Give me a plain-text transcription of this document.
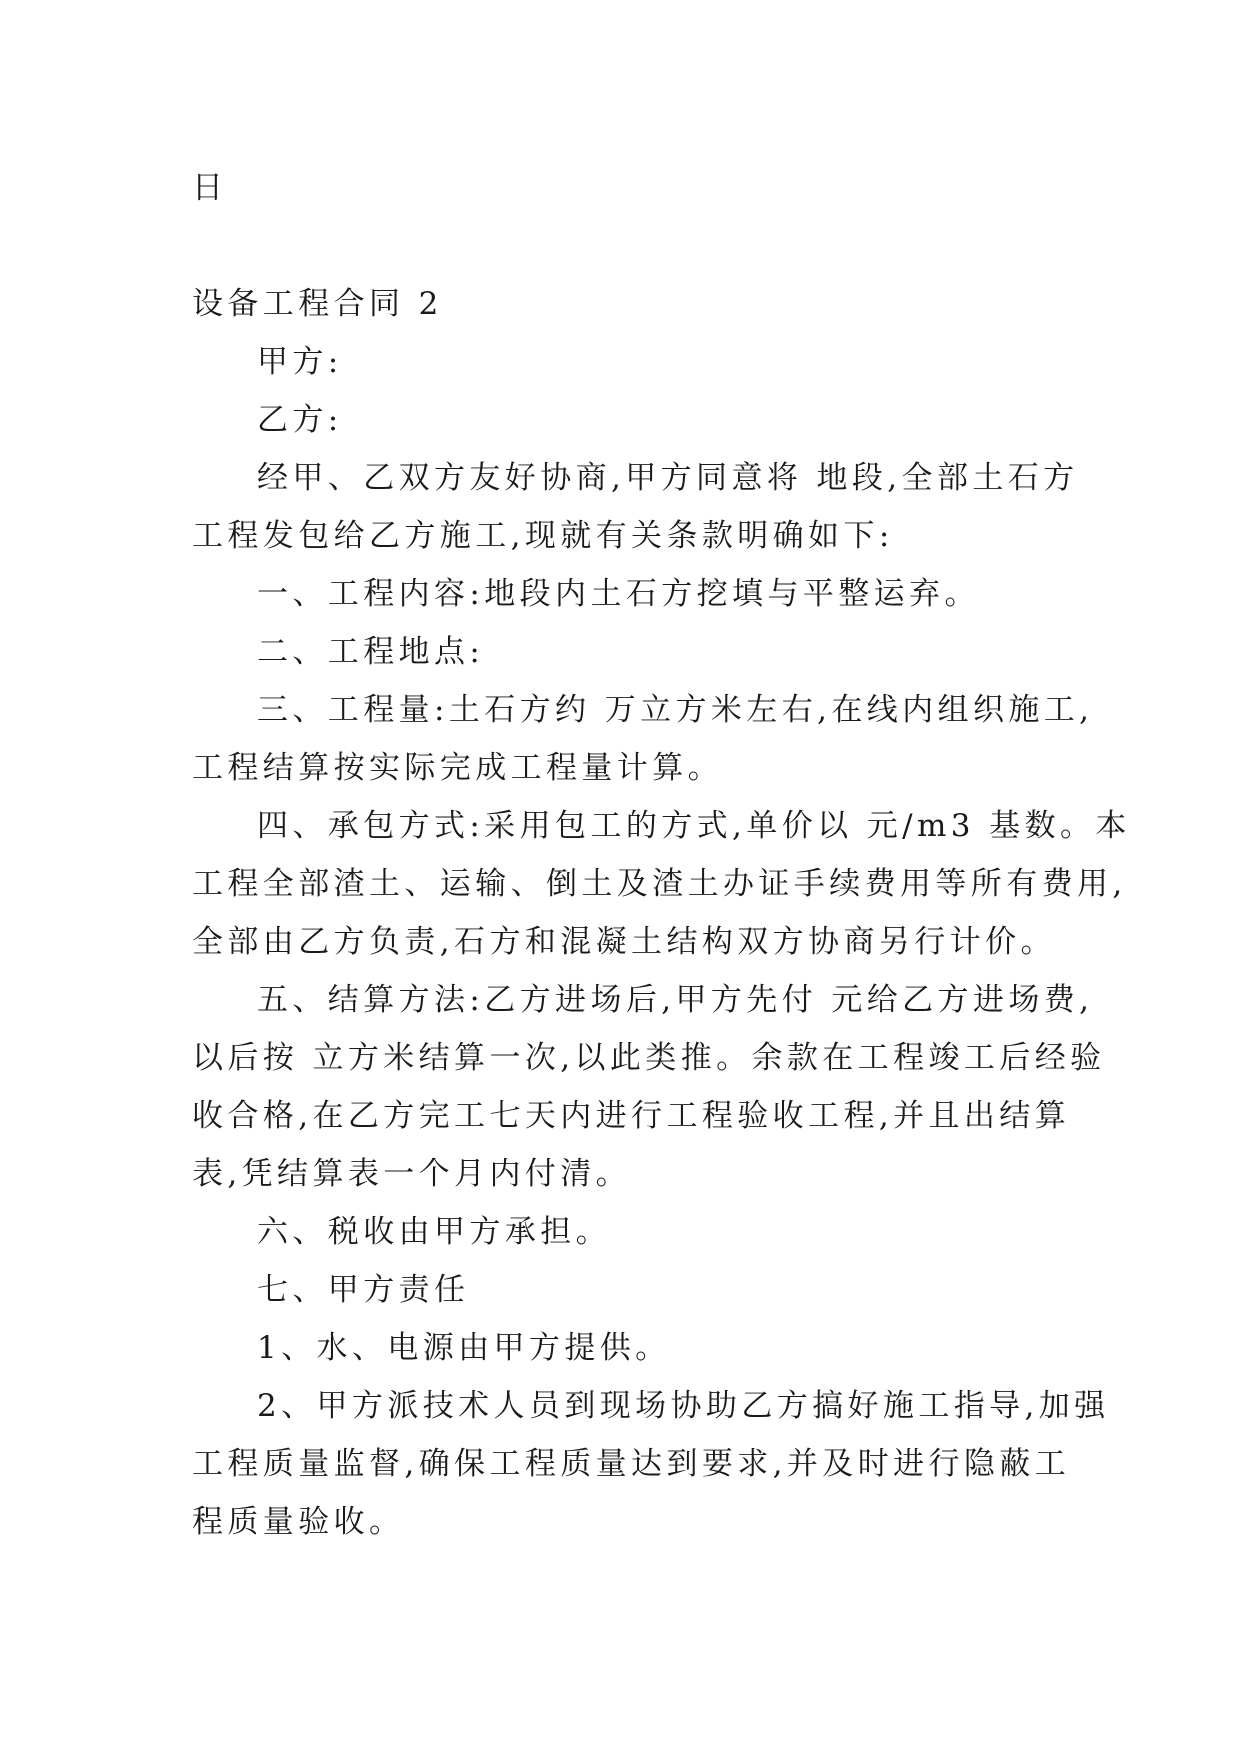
日
设备工程合同 2
甲方:
乙方:
经甲、乙双方友好协商,甲方同意将 地段,全部土石方
工程发包给乙方施工,现就有关条款明确如下:
一、工程内容:地段内土石方挖填与平整运弃。
二、工程地点:
三、工程量:土石方约 万立方米左右,在线内组织施工,
工程结算按实际完成工程量计算。
四、承包方式:采用包工的方式,单价以 元/m3 基数。本
工程全部渣土、运输、倒土及渣土办证手续费用等所有费用,
全部由乙方负责,石方和混凝土结构双方协商另行计价。
五、结算方法:乙方进场后,甲方先付 元给乙方进场费,
以后按 立方米结算一次,以此类推。余款在工程竣工后经验
收合格,在乙方完工七天内进行工程验收工程,并且出结算
表,凭结算表一个月内付清。
六、税收由甲方承担。
七、甲方责任
1、水、电源由甲方提供。
2、甲方派技术人员到现场协助乙方搞好施工指导,加强
工程质量监督,确保工程质量达到要求,并及时进行隐蔽工
程质量验收。
